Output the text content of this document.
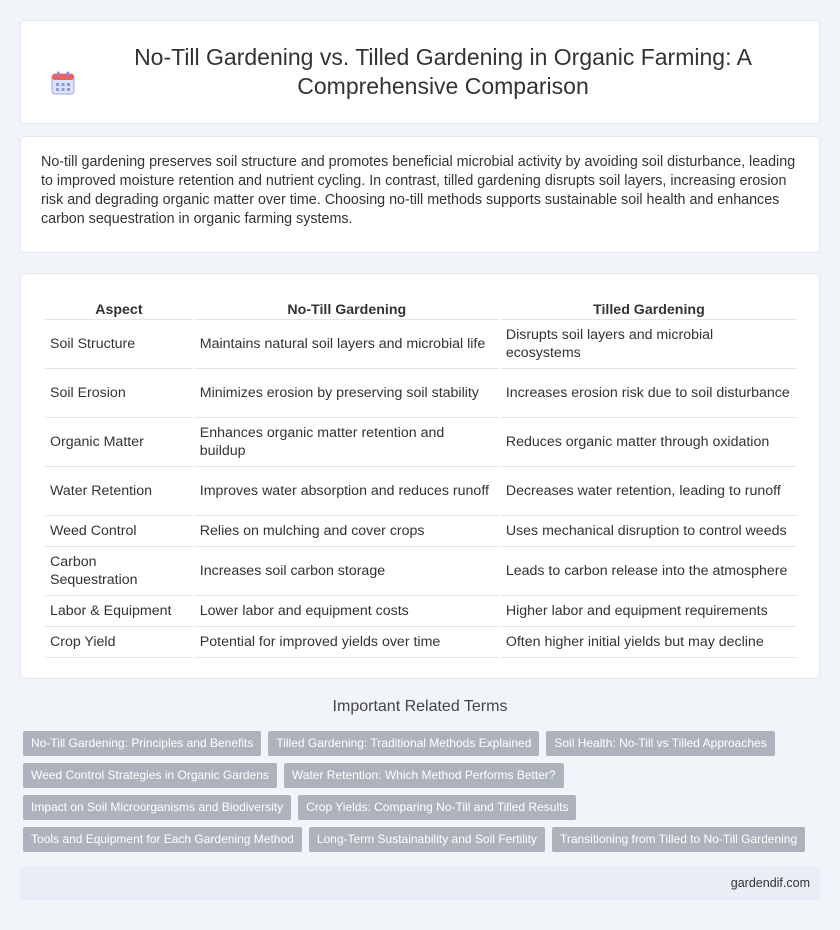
No-Till Gardening vs. Tilled Gardening in Organic Farming: A Comprehensive Comparison

No-till gardening preserves soil structure and promotes beneficial microbial activity by avoiding soil disturbance, leading to improved moisture retention and nutrient cycling. In contrast, tilled gardening disrupts soil layers, increasing erosion risk and degrading organic matter over time. Choosing no-till methods supports sustainable soil health and enhances carbon sequestration in organic farming systems.

Aspect	No-Till Gardening	Tilled Gardening
Soil Structure	Maintains natural soil layers and microbial life	Disrupts soil layers and microbial ecosystems
Soil Erosion	Minimizes erosion by preserving soil stability	Increases erosion risk due to soil disturbance
Organic Matter	Enhances organic matter retention and buildup	Reduces organic matter through oxidation
Water Retention	Improves water absorption and reduces runoff	Decreases water retention, leading to runoff
Weed Control	Relies on mulching and cover crops	Uses mechanical disruption to control weeds
Carbon Sequestration	Increases soil carbon storage	Leads to carbon release into the atmosphere
Labor & Equipment	Lower labor and equipment costs	Higher labor and equipment requirements
Crop Yield	Potential for improved yields over time	Often higher initial yields but may decline
Important Related Terms
No-Till Gardening: Principles and Benefits	Tilled Gardening: Traditional Methods Explained	Soil Health: No-Till vs Tilled Approaches
Weed Control Strategies in Organic Gardens	Water Retention: Which Method Performs Better?
Impact on Soil Microorganisms and Biodiversity	Crop Yields: Comparing No-Till and Tilled Results
Tools and Equipment for Each Gardening Method	Long-Term Sustainability and Soil Fertility	Transitioning from Tilled to No-Till Gardening
gardendif.com
